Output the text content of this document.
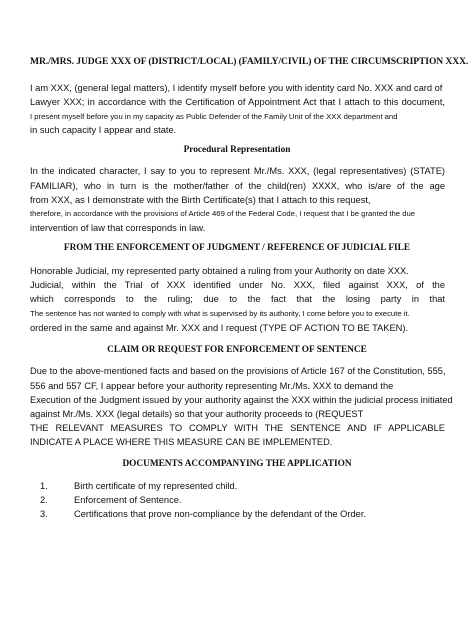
MR./MRS. JUDGE XXX OF (DISTRICT/LOCAL) (FAMILY/CIVIL) OF THE CIRCUMSCRIPTION XXX.
I am XXX, (general legal matters), I identify myself before you with identity card No. XXX and card of
Lawyer XXX; in accordance with the Certification of Appointment Act that I attach to this document,
I present myself before you in my capacity as Public Defender of the Family Unit of the XXX department and
in such capacity I appear and state.
Procedural Representation
In the indicated character, I say to you to represent Mr./Ms. XXX, (legal representatives) (STATE)
FAMILIAR), who in turn is the mother/father of the child(ren) XXXX, who is/are of the age
from XXX, as I demonstrate with the Birth Certificate(s) that I attach to this request,
therefore, in accordance with the provisions of Article 469 of the Federal Code, I request that I be granted the due
intervention of law that corresponds in law.
FROM THE ENFORCEMENT OF JUDGMENT / REFERENCE OF JUDICIAL FILE
Honorable Judicial, my represented party obtained a ruling from your Authority on date XXX.
Judicial, within the Trial of XXX identified under No. XXX, filed against XXX, of the
which corresponds to the ruling; due to the fact that the losing party in that
The sentence has not wanted to comply with what is supervised by its authority, I come before you to execute it.
ordered in the same and against Mr. XXX and I request (TYPE OF ACTION TO BE TAKEN).
CLAIM OR REQUEST FOR ENFORCEMENT OF SENTENCE
Due to the above-mentioned facts and based on the provisions of Article 167 of the Constitution, 555,
556 and 557 CF, I appear before your authority representing Mr./Ms. XXX to demand the
Execution of the Judgment issued by your authority against the XXX within the judicial process initiated
against Mr./Ms. XXX (legal details) so that your authority proceeds to (REQUEST
THE RELEVANT MEASURES TO COMPLY WITH THE SENTENCE AND IF APPLICABLE
INDICATE A PLACE WHERE THIS MEASURE CAN BE IMPLEMENTED.
DOCUMENTS ACCOMPANYING THE APPLICATION
1.	Birth certificate of my represented child.
2.	Enforcement of Sentence.
3.	Certifications that prove non-compliance by the defendant of the Order.
